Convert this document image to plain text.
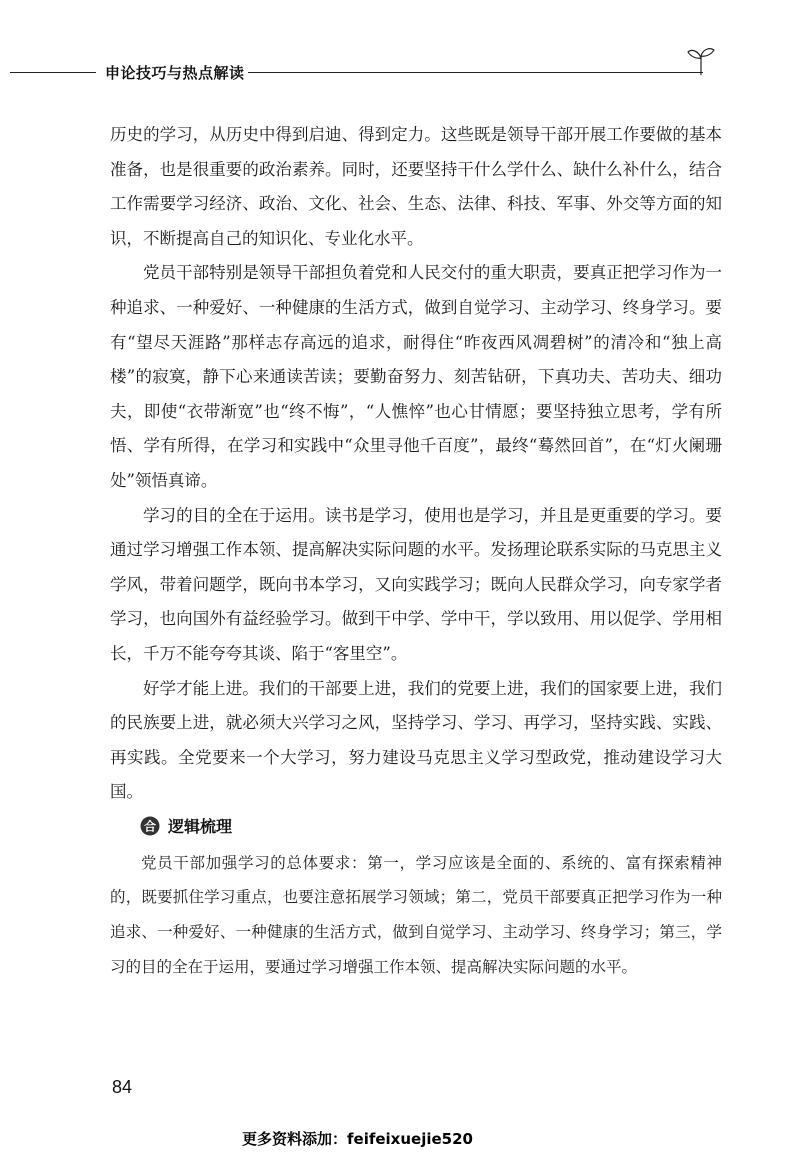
申论技巧与热点解读

历史的学习，从历史中得到启迪、得到定力。这些既是领导干部开展工作要做的基本准备，也是很重要的政治素养。同时，还要坚持干什么学什么、缺什么补什么，结合工作需要学习经济、政治、文化、社会、生态、法律、科技、军事、外交等方面的知识，不断提高自己的知识化、专业化水平。

党员干部特别是领导干部担负着党和人民交付的重大职责，要真正把学习作为一种追求、一种爱好、一种健康的生活方式，做到自觉学习、主动学习、终身学习。要有“望尽天涯路”那样志存高远的追求，耐得住“昨夜西风凋碧树”的清冷和“独上高楼”的寂寞，静下心来通读苦读；要勤奋努力、刻苦钻研，下真功夫、苦功夫、细功夫，即使“衣带渐宽”也“终不悔”，“人憔悴”也心甘情愿；要坚持独立思考，学有所悟、学有所得，在学习和实践中“众里寻他千百度”，最终“蓦然回首”，在“灯火阑珊处”领悟真谛。

学习的目的全在于运用。读书是学习，使用也是学习，并且是更重要的学习。要通过学习增强工作本领、提高解决实际问题的水平。发扬理论联系实际的马克思主义学风，带着问题学，既向书本学习，又向实践学习；既向人民群众学习，向专家学者学习，也向国外有益经验学习。做到干中学、学中干，学以致用、用以促学、学用相长，千万不能夸夸其谈、陷于“客里空”。

好学才能上进。我们的干部要上进，我们的党要上进，我们的国家要上进，我们的民族要上进，就必须大兴学习之风，坚持学习、学习、再学习，坚持实践、实践、再实践。全党要来一个大学习，努力建设马克思主义学习型政党，推动建设学习大国。

合 逻辑梳理

党员干部加强学习的总体要求：第一，学习应该是全面的、系统的、富有探索精神的，既要抓住学习重点，也要注意拓展学习领域；第二，党员干部要真正把学习作为一种追求、一种爱好、一种健康的生活方式，做到自觉学习、主动学习、终身学习；第三，学习的目的全在于运用，要通过学习增强工作本领、提高解决实际问题的水平。

84
更多资料添加：feifeixuejie520
